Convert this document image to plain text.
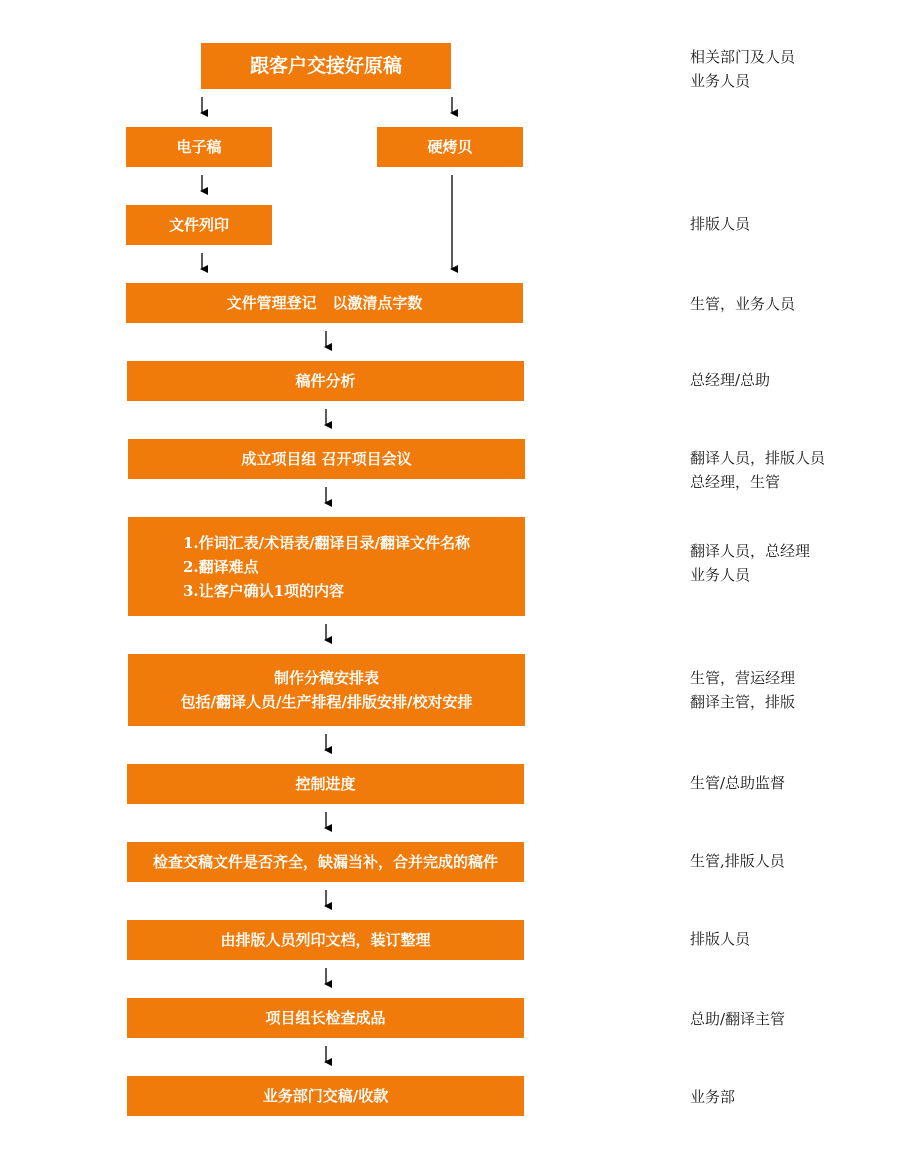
跟客户交接好原稿
电子稿	硬烤贝
文件列印
文件管理登记   以激清点字数
稿件分析
成立项目组 召开项目会议
1.作词汇表/术语表/翻译目录/翻译文件名称
2.翻译难点
3.让客户确认1项的内容
制作分稿安排表
包括/翻译人员/生产排程/排版安排/校对安排
控制进度
检查交稿文件是否齐全，缺漏当补，合并完成的稿件
由排版人员列印文档，装订整理
项目组长检查成品
业务部门交稿/收款
相关部门及人员
业务人员
排版人员
生管，业务人员
总经理/总助
翻译人员，排版人员
总经理，生管
翻译人员，总经理
业务人员
生管，营运经理
翻译主管，排版
生管/总助监督
生管,排版人员
排版人员
总助/翻译主管
业务部
